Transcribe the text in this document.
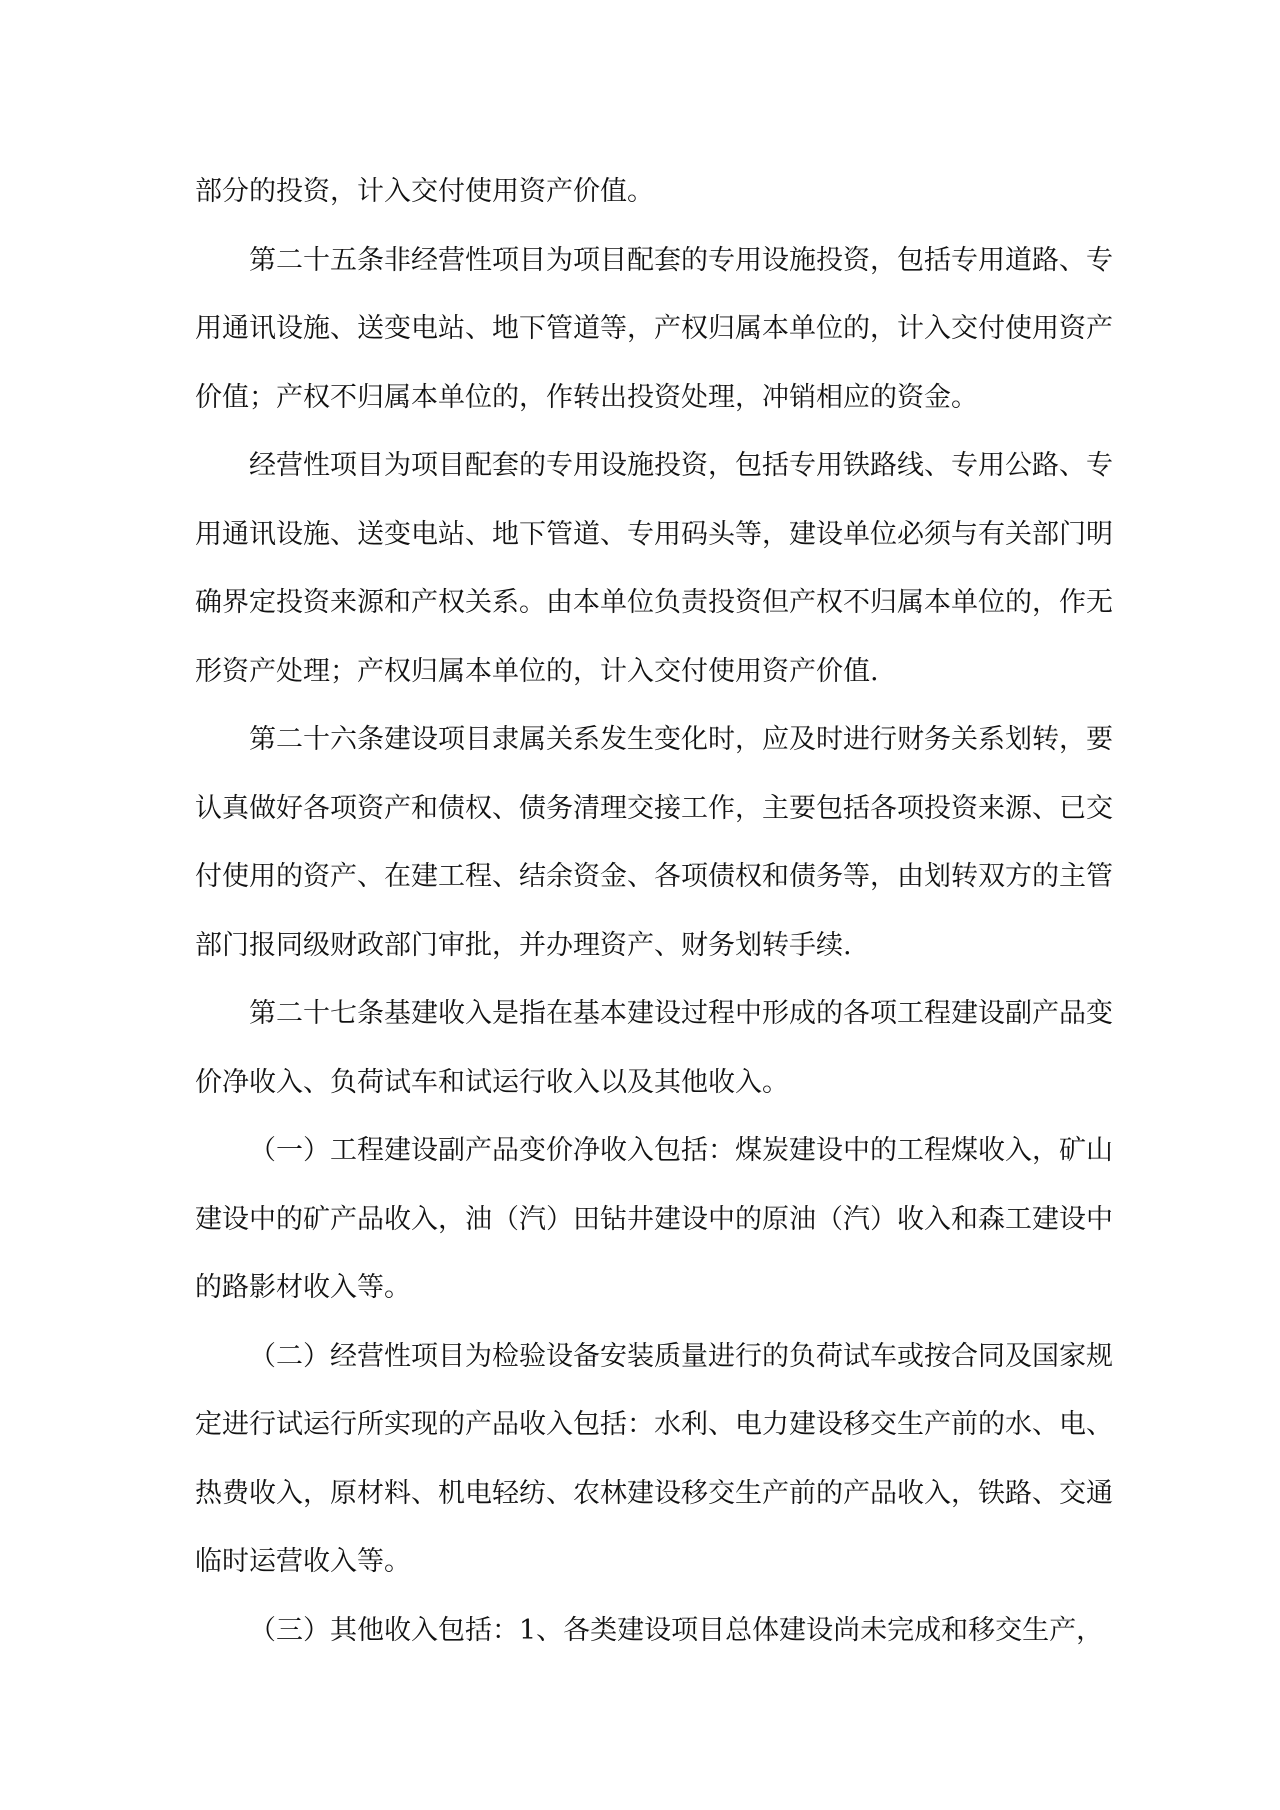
部分的投资，计入交付使用资产价值。

第二十五条非经营性项目为项目配套的专用设施投资，包括专用道路、专

用通讯设施、送变电站、地下管道等，产权归属本单位的，计入交付使用资产

价值；产权不归属本单位的，作转出投资处理，冲销相应的资金。

经营性项目为项目配套的专用设施投资，包括专用铁路线、专用公路、专

用通讯设施、送变电站、地下管道、专用码头等，建设单位必须与有关部门明

确界定投资来源和产权关系。由本单位负责投资但产权不归属本单位的，作无

形资产处理；产权归属本单位的，计入交付使用资产价值.

第二十六条建设项目隶属关系发生变化时，应及时进行财务关系划转，要

认真做好各项资产和债权、债务清理交接工作，主要包括各项投资来源、已交

付使用的资产、在建工程、结余资金、各项债权和债务等，由划转双方的主管

部门报同级财政部门审批，并办理资产、财务划转手续.

第二十七条基建收入是指在基本建设过程中形成的各项工程建设副产品变

价净收入、负荷试车和试运行收入以及其他收入。

（一）工程建设副产品变价净收入包括：煤炭建设中的工程煤收入，矿山

建设中的矿产品收入，油（汽）田钻井建设中的原油（汽）收入和森工建设中

的路影材收入等。

（二）经营性项目为检验设备安装质量进行的负荷试车或按合同及国家规

定进行试运行所实现的产品收入包括：水利、电力建设移交生产前的水、电、

热费收入，原材料、机电轻纺、农林建设移交生产前的产品收入，铁路、交通

临时运营收入等。

（三）其他收入包括：1、各类建设项目总体建设尚未完成和移交生产，
